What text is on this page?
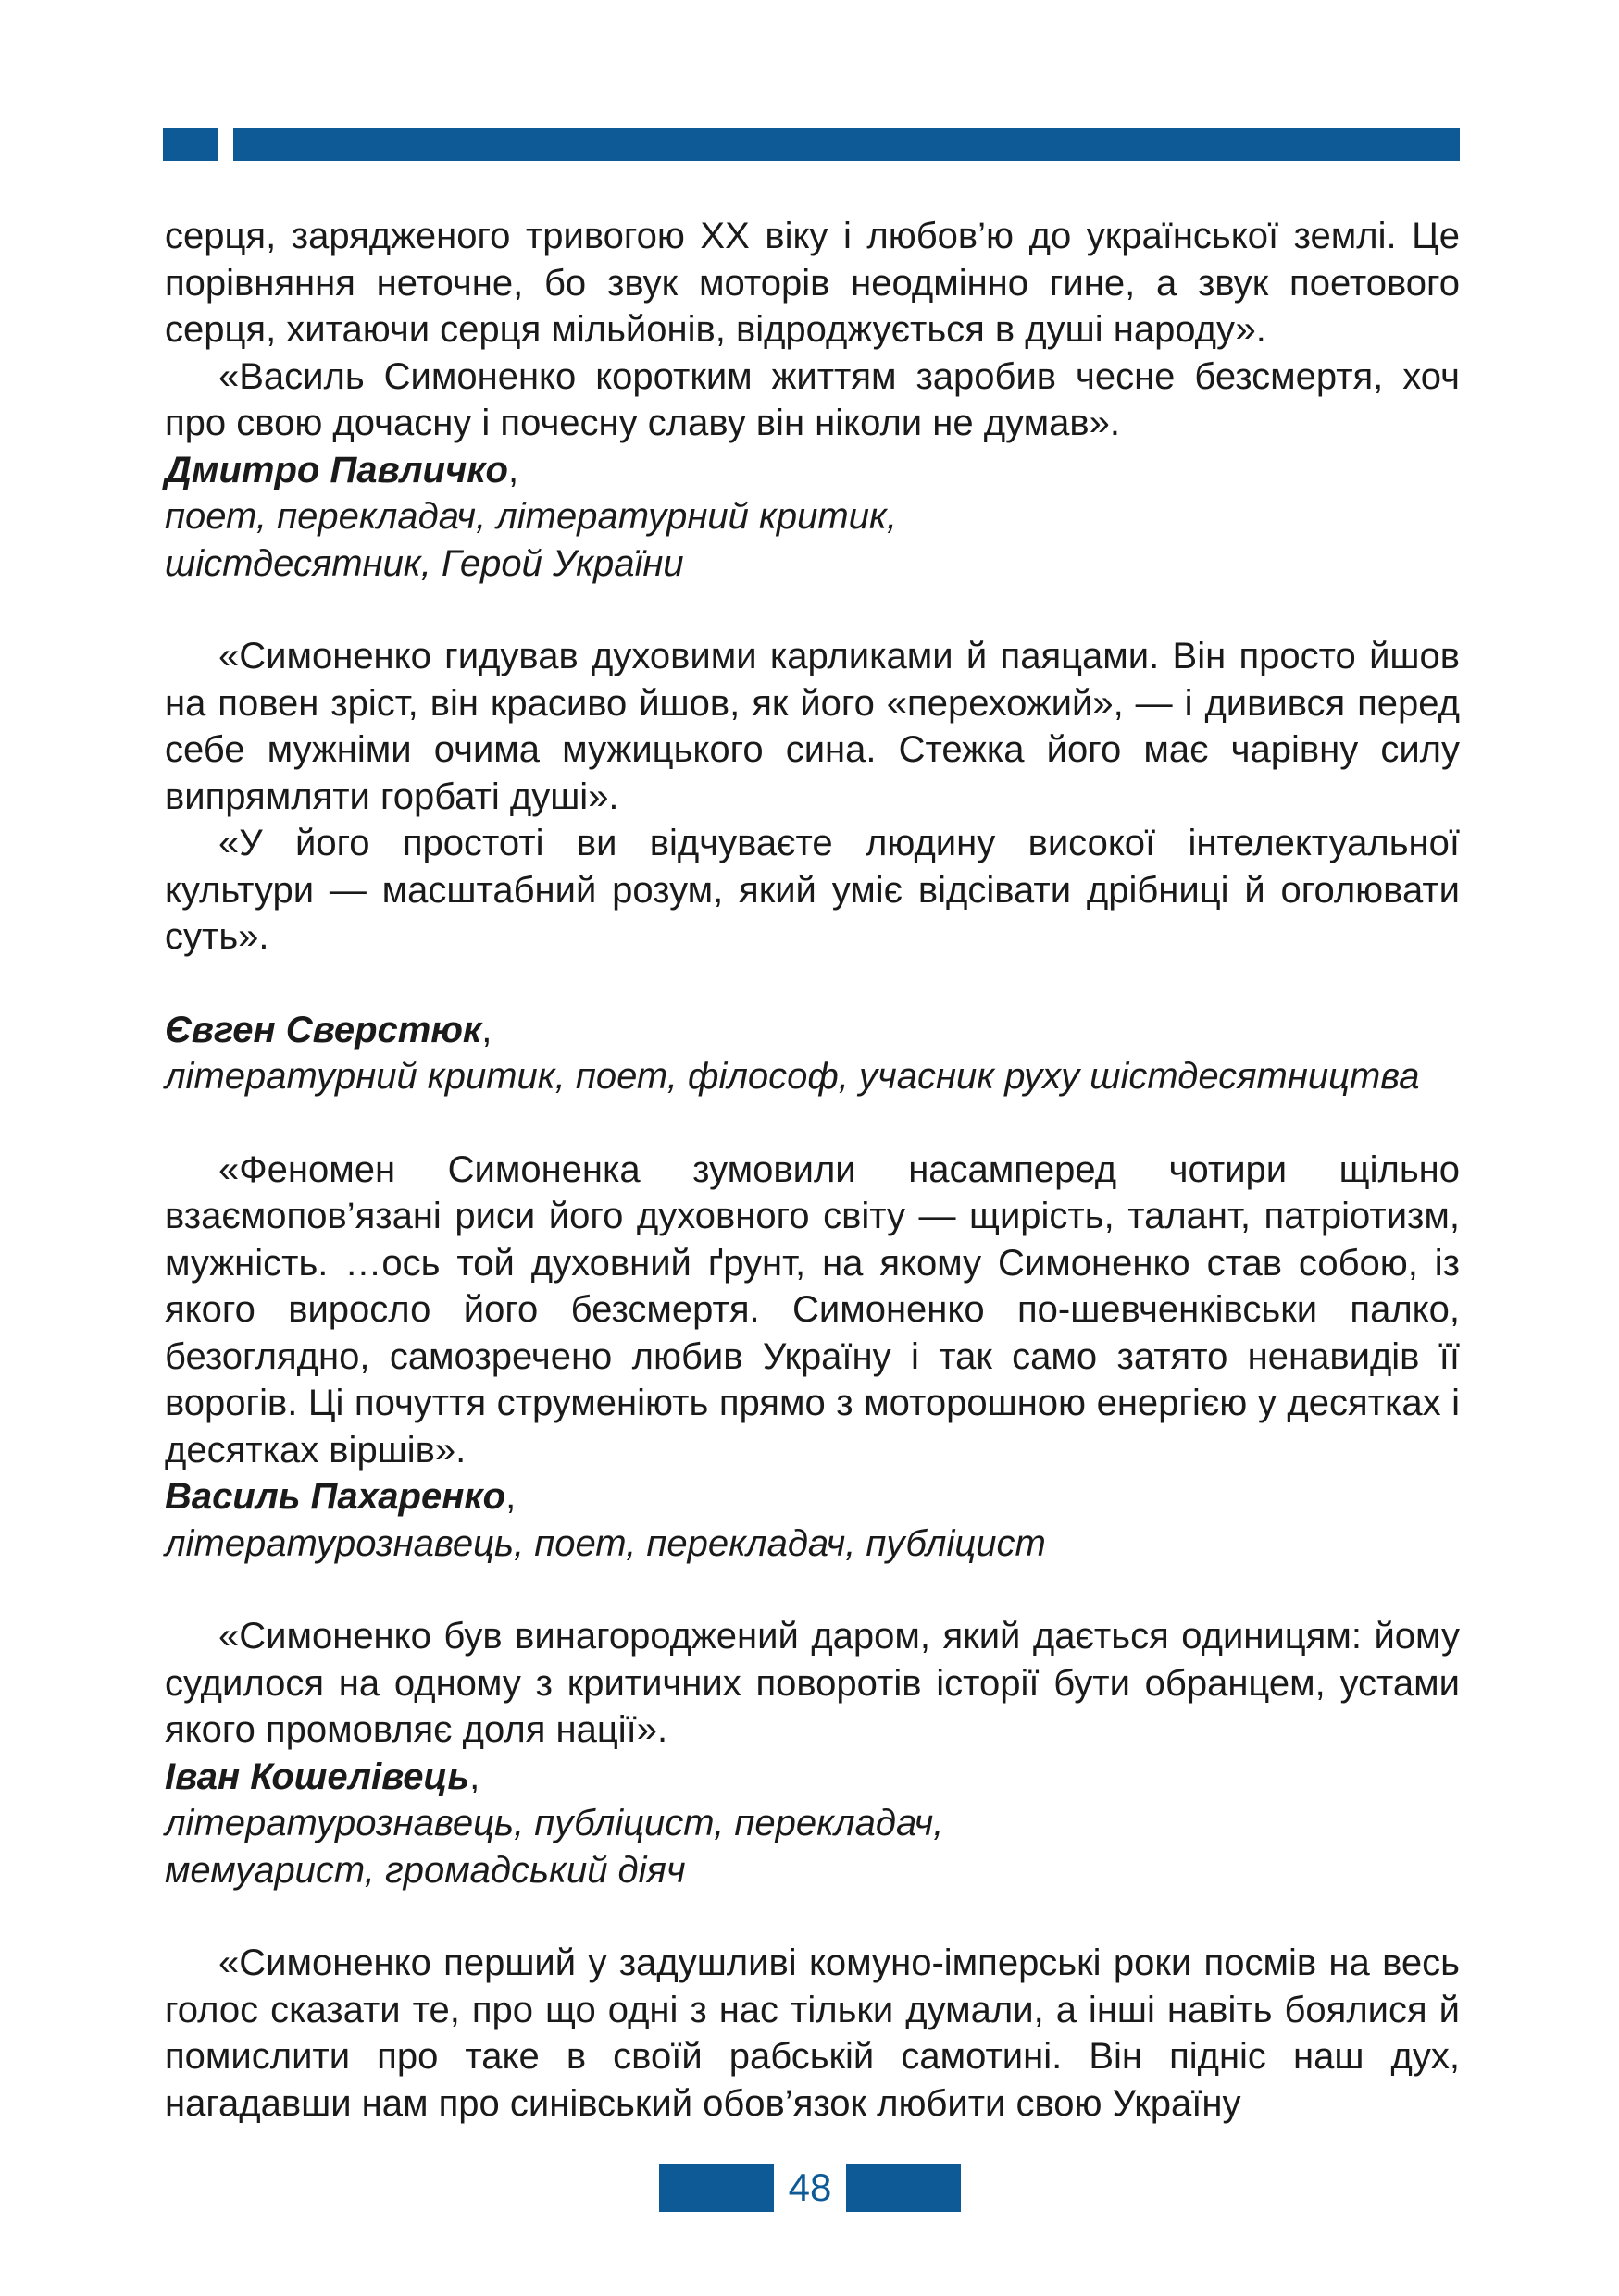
серця, зарядженого тривогою XX віку і любов’ю до української землі. Це порівняння неточне, бо звук моторів неодмінно гине, а звук поетового серця, хитаючи серця мільйонів, відроджується в душі народу».

«Василь Симоненко коротким життям заробив чесне безсмертя, хоч про свою дочасну і почесну славу він ніколи не думав».

Дмитро Павличко,

поет, перекладач, літературний критик,

шістдесятник, Герой України

«Симоненко гидував духовими карликами й паяцами. Він просто йшов на повен зріст, він красиво йшов, як його «перехожий», — і дивився перед себе мужніми очима мужицького сина. Стежка його має чарівну силу випрямляти горбаті душі».

«У його простоті ви відчуваєте людину високої інтелектуальної культури — масштабний розум, який уміє відсівати дрібниці й оголювати суть».

Євген Сверстюк,

літературний критик, поет, філософ, учасник руху шістдесятництва

«Феномен Симоненка зумовили насамперед чотири щільно взаємопов’язані риси його духовного світу — щирість, талант, патріотизм, мужність. …ось той духовний ґрунт, на якому Симоненко став собою, із якого виросло його безсмертя. Симоненко по-шевченківськи палко, безоглядно, самозречено любив Україну і так само затято ненавидів її ворогів. Ці почуття струменіють прямо з моторошною енергією у десятках і десятках віршів».

Василь Пахаренко,

літературознавець, поет, перекладач, публіцист

«Симоненко був винагороджений даром, який дається одиницям: йому судилося на одному з критичних поворотів історії бути обранцем, устами якого промовляє доля нації».

Іван Кошелівець,

літературознавець, публіцист, перекладач,

мемуарист, громадський діяч

«Симоненко перший у задушливі комуно-імперські роки посмів на весь голос сказати те, про що одні з нас тільки думали, а інші навіть боялися й помислити про таке в своїй рабській самотині. Він підніс наш дух, нагадавши нам про синівський обов’язок любити свою Україну

48
